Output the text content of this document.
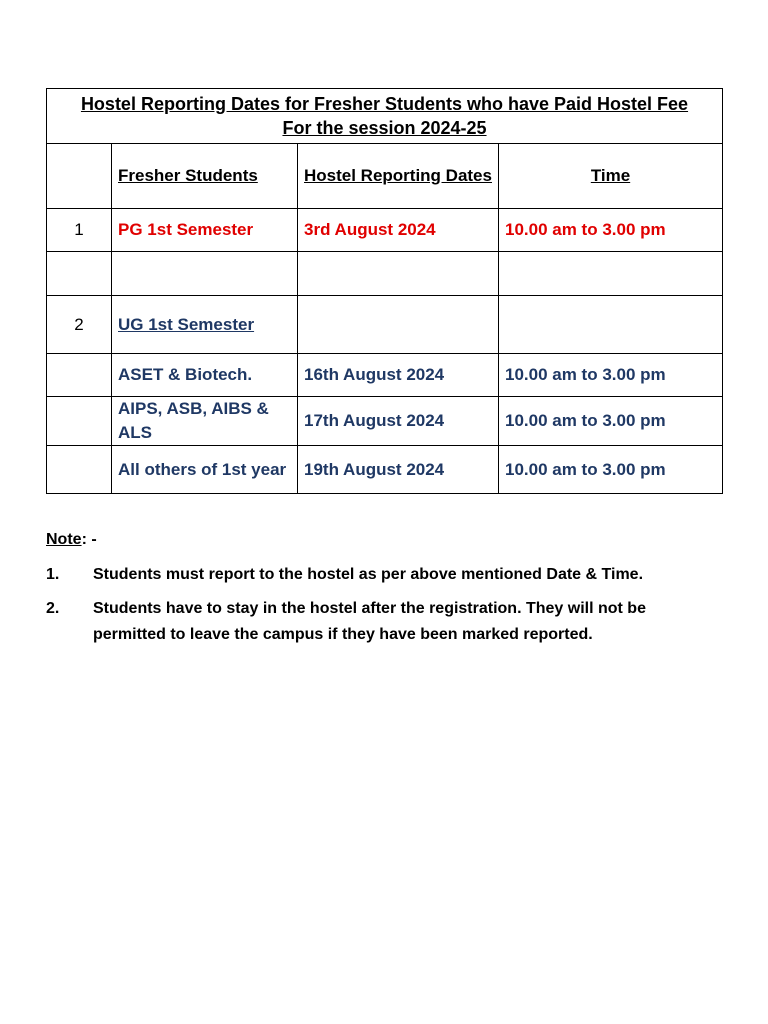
Hostel Reporting Dates for Fresher Students who have Paid Hostel Fee
For the session 2024-25			

	Fresher Students	Hostel Reporting Dates	Time
1	PG 1st Semester	3rd August 2024	10.00 am to 3.00 pm

2	UG 1st Semester		
	ASET & Biotech.	16th August 2024	10.00 am to 3.00 pm
	AIPS, ASB, AIBS & ALS	17th August 2024	10.00 am to 3.00 pm
	All others of 1st year	19th August 2024	10.00 am to 3.00 pm
Note: -
1.	Students must report to the hostel as per above mentioned Date & Time.
2.	Students have to stay in the hostel after the registration. They will not be permitted to leave the campus if they have been marked reported.
